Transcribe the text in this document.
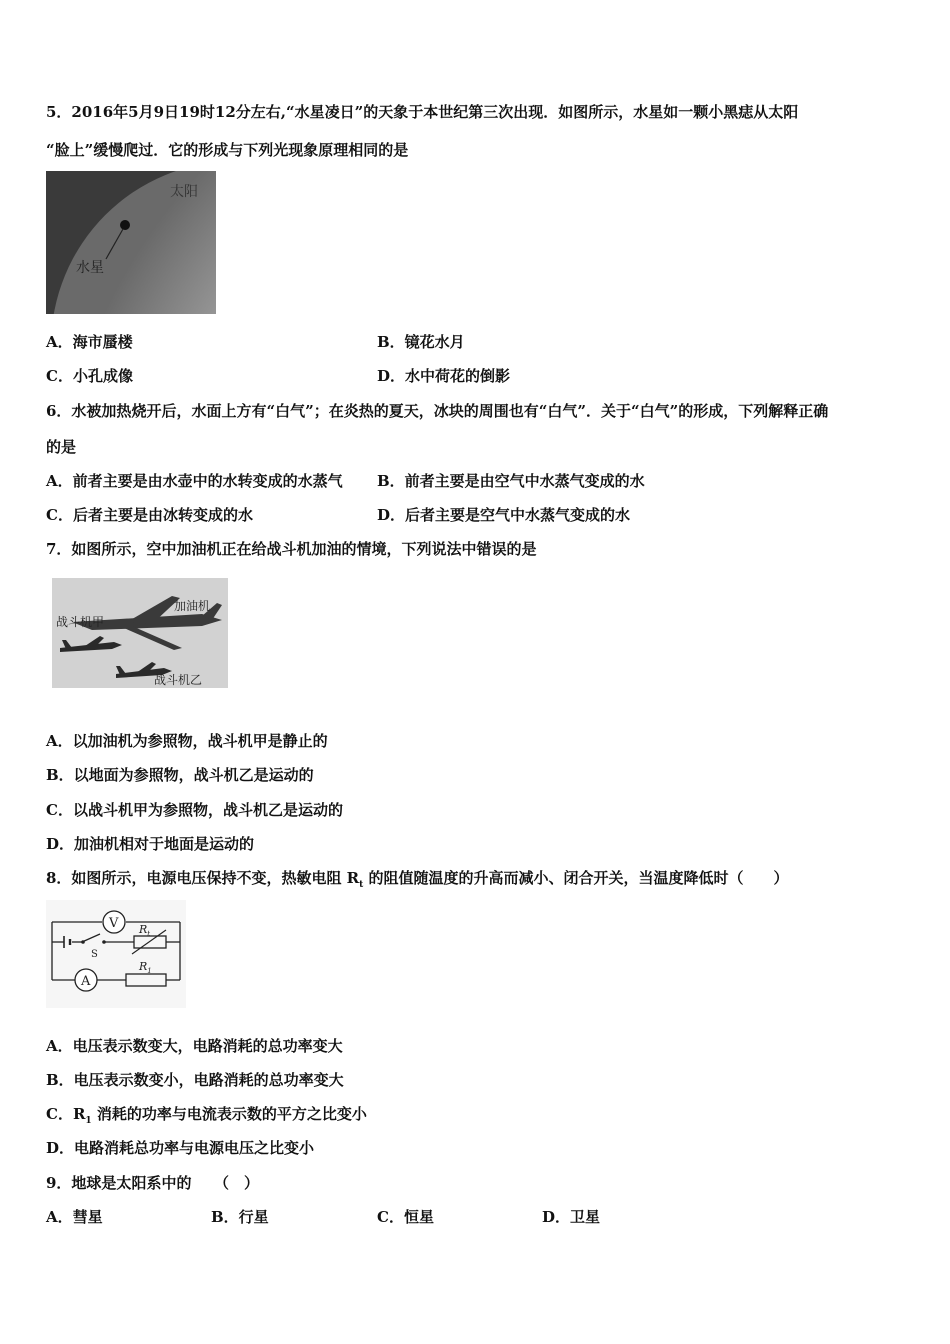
5．2016年5月9日19时12分左右,“水星凌日”的天象于本世纪第三次出现．如图所示，水星如一颗小黑痣从太阳
“脸上”缓慢爬过．它的形成与下列光现象原理相同的是
太阳
水星
A．海市蜃楼	B．镜花水月
C．小孔成像	D．水中荷花的倒影
6．水被加热烧开后，水面上方有“白气”；在炎热的夏天，冰块的周围也有“白气”．关于“白气”的形成，下列解释正确
的是
A．前者主要是由水壶中的水转变成的水蒸气 B．前者主要是由空气中水蒸气变成的水
C．后者主要是由冰转变成的水	D．后者主要是空气中水蒸气变成的水
7．如图所示，空中加油机正在给战斗机加油的情境，下列说法中错误的是
加油机
战斗机甲
战斗机乙
A．以加油机为参照物，战斗机甲是静止的
B．以地面为参照物，战斗机乙是运动的
C．以战斗机甲为参照物，战斗机乙是运动的
D．加油机相对于地面是运动的
8．如图所示，电源电压保持不变，热敏电阻 $R_t$ 的阻值随温度的升高而减小、闭合开关，当温度降低时（　　）
V
A
S
$R_t$
$R_1$
A．电压表示数变大，电路消耗的总功率变大
B．电压表示数变小，电路消耗的总功率变大
C．$R_1$ 消耗的功率与电流表示数的平方之比变小
D．电路消耗总功率与电源电压之比变小
9．地球是太阳系中的　　（　）
A．彗星	B．行星	C．恒星	D．卫星
